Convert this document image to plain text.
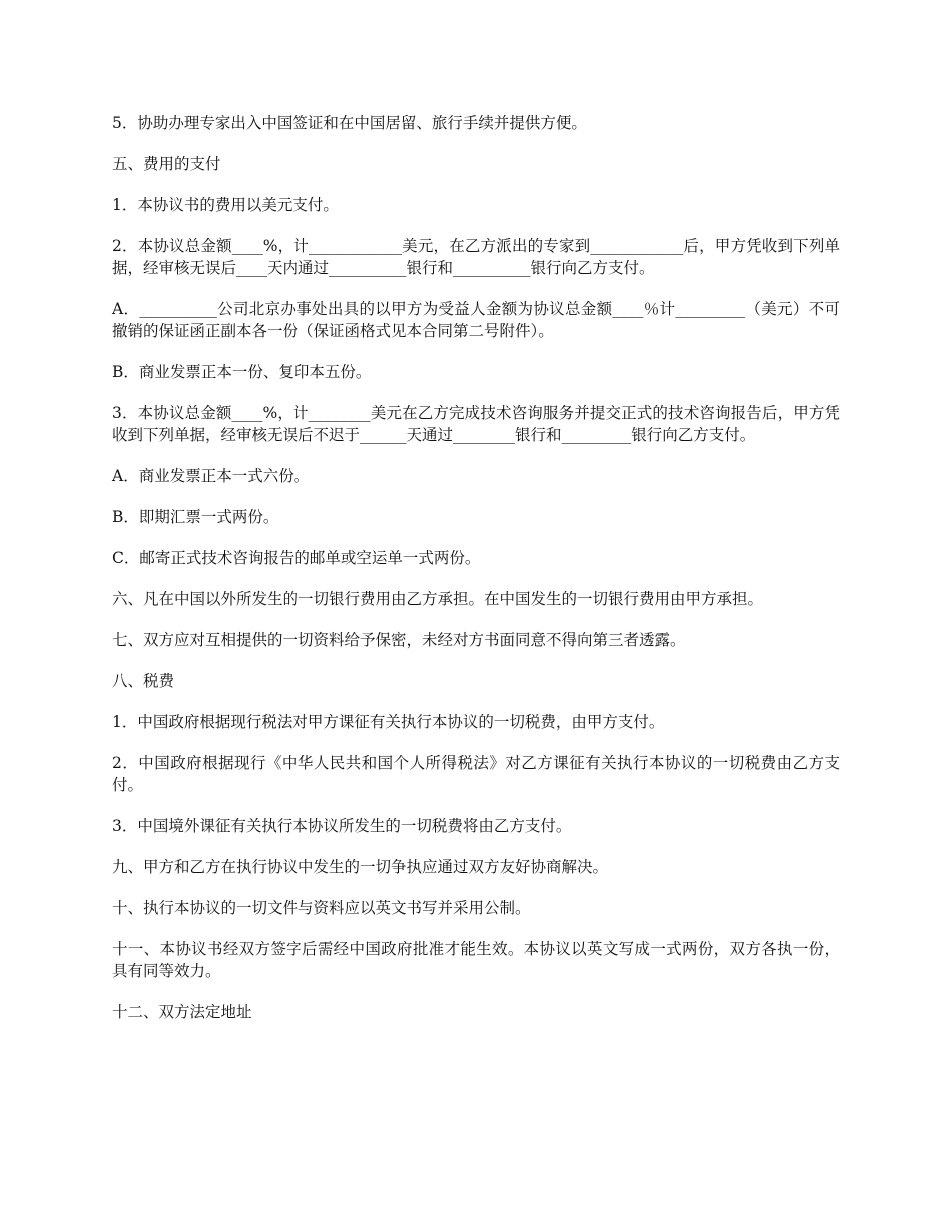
5．协助办理专家出入中国签证和在中国居留、旅行手续并提供方便。

五、费用的支付

1．本协议书的费用以美元支付。

2．本协议总金额____%，计____________美元，在乙方派出的专家到____________后，甲方凭收到下列单据，经审核无误后____天内通过__________银行和__________银行向乙方支付。

A．__________公司北京办事处出具的以甲方为受益人金额为协议总金额____％计_________（美元）不可撤销的保证函正副本各一份（保证函格式见本合同第二号附件）。

B．商业发票正本一份、复印本五份。

3．本协议总金额____%，计________美元在乙方完成技术咨询服务并提交正式的技术咨询报告后，甲方凭收到下列单据，经审核无误后不迟于______天通过________银行和_________银行向乙方支付。

A．商业发票正本一式六份。

B．即期汇票一式两份。

C．邮寄正式技术咨询报告的邮单或空运单一式两份。

六、凡在中国以外所发生的一切银行费用由乙方承担。在中国发生的一切银行费用由甲方承担。

七、双方应对互相提供的一切资料给予保密，未经对方书面同意不得向第三者透露。

八、税费

1．中国政府根据现行税法对甲方课征有关执行本协议的一切税费，由甲方支付。

2．中国政府根据现行《中华人民共和国个人所得税法》对乙方课征有关执行本协议的一切税费由乙方支付。

3．中国境外课征有关执行本协议所发生的一切税费将由乙方支付。

九、甲方和乙方在执行协议中发生的一切争执应通过双方友好协商解决。

十、执行本协议的一切文件与资料应以英文书写并采用公制。

十一、本协议书经双方签字后需经中国政府批准才能生效。本协议以英文写成一式两份，双方各执一份，具有同等效力。

十二、双方法定地址
